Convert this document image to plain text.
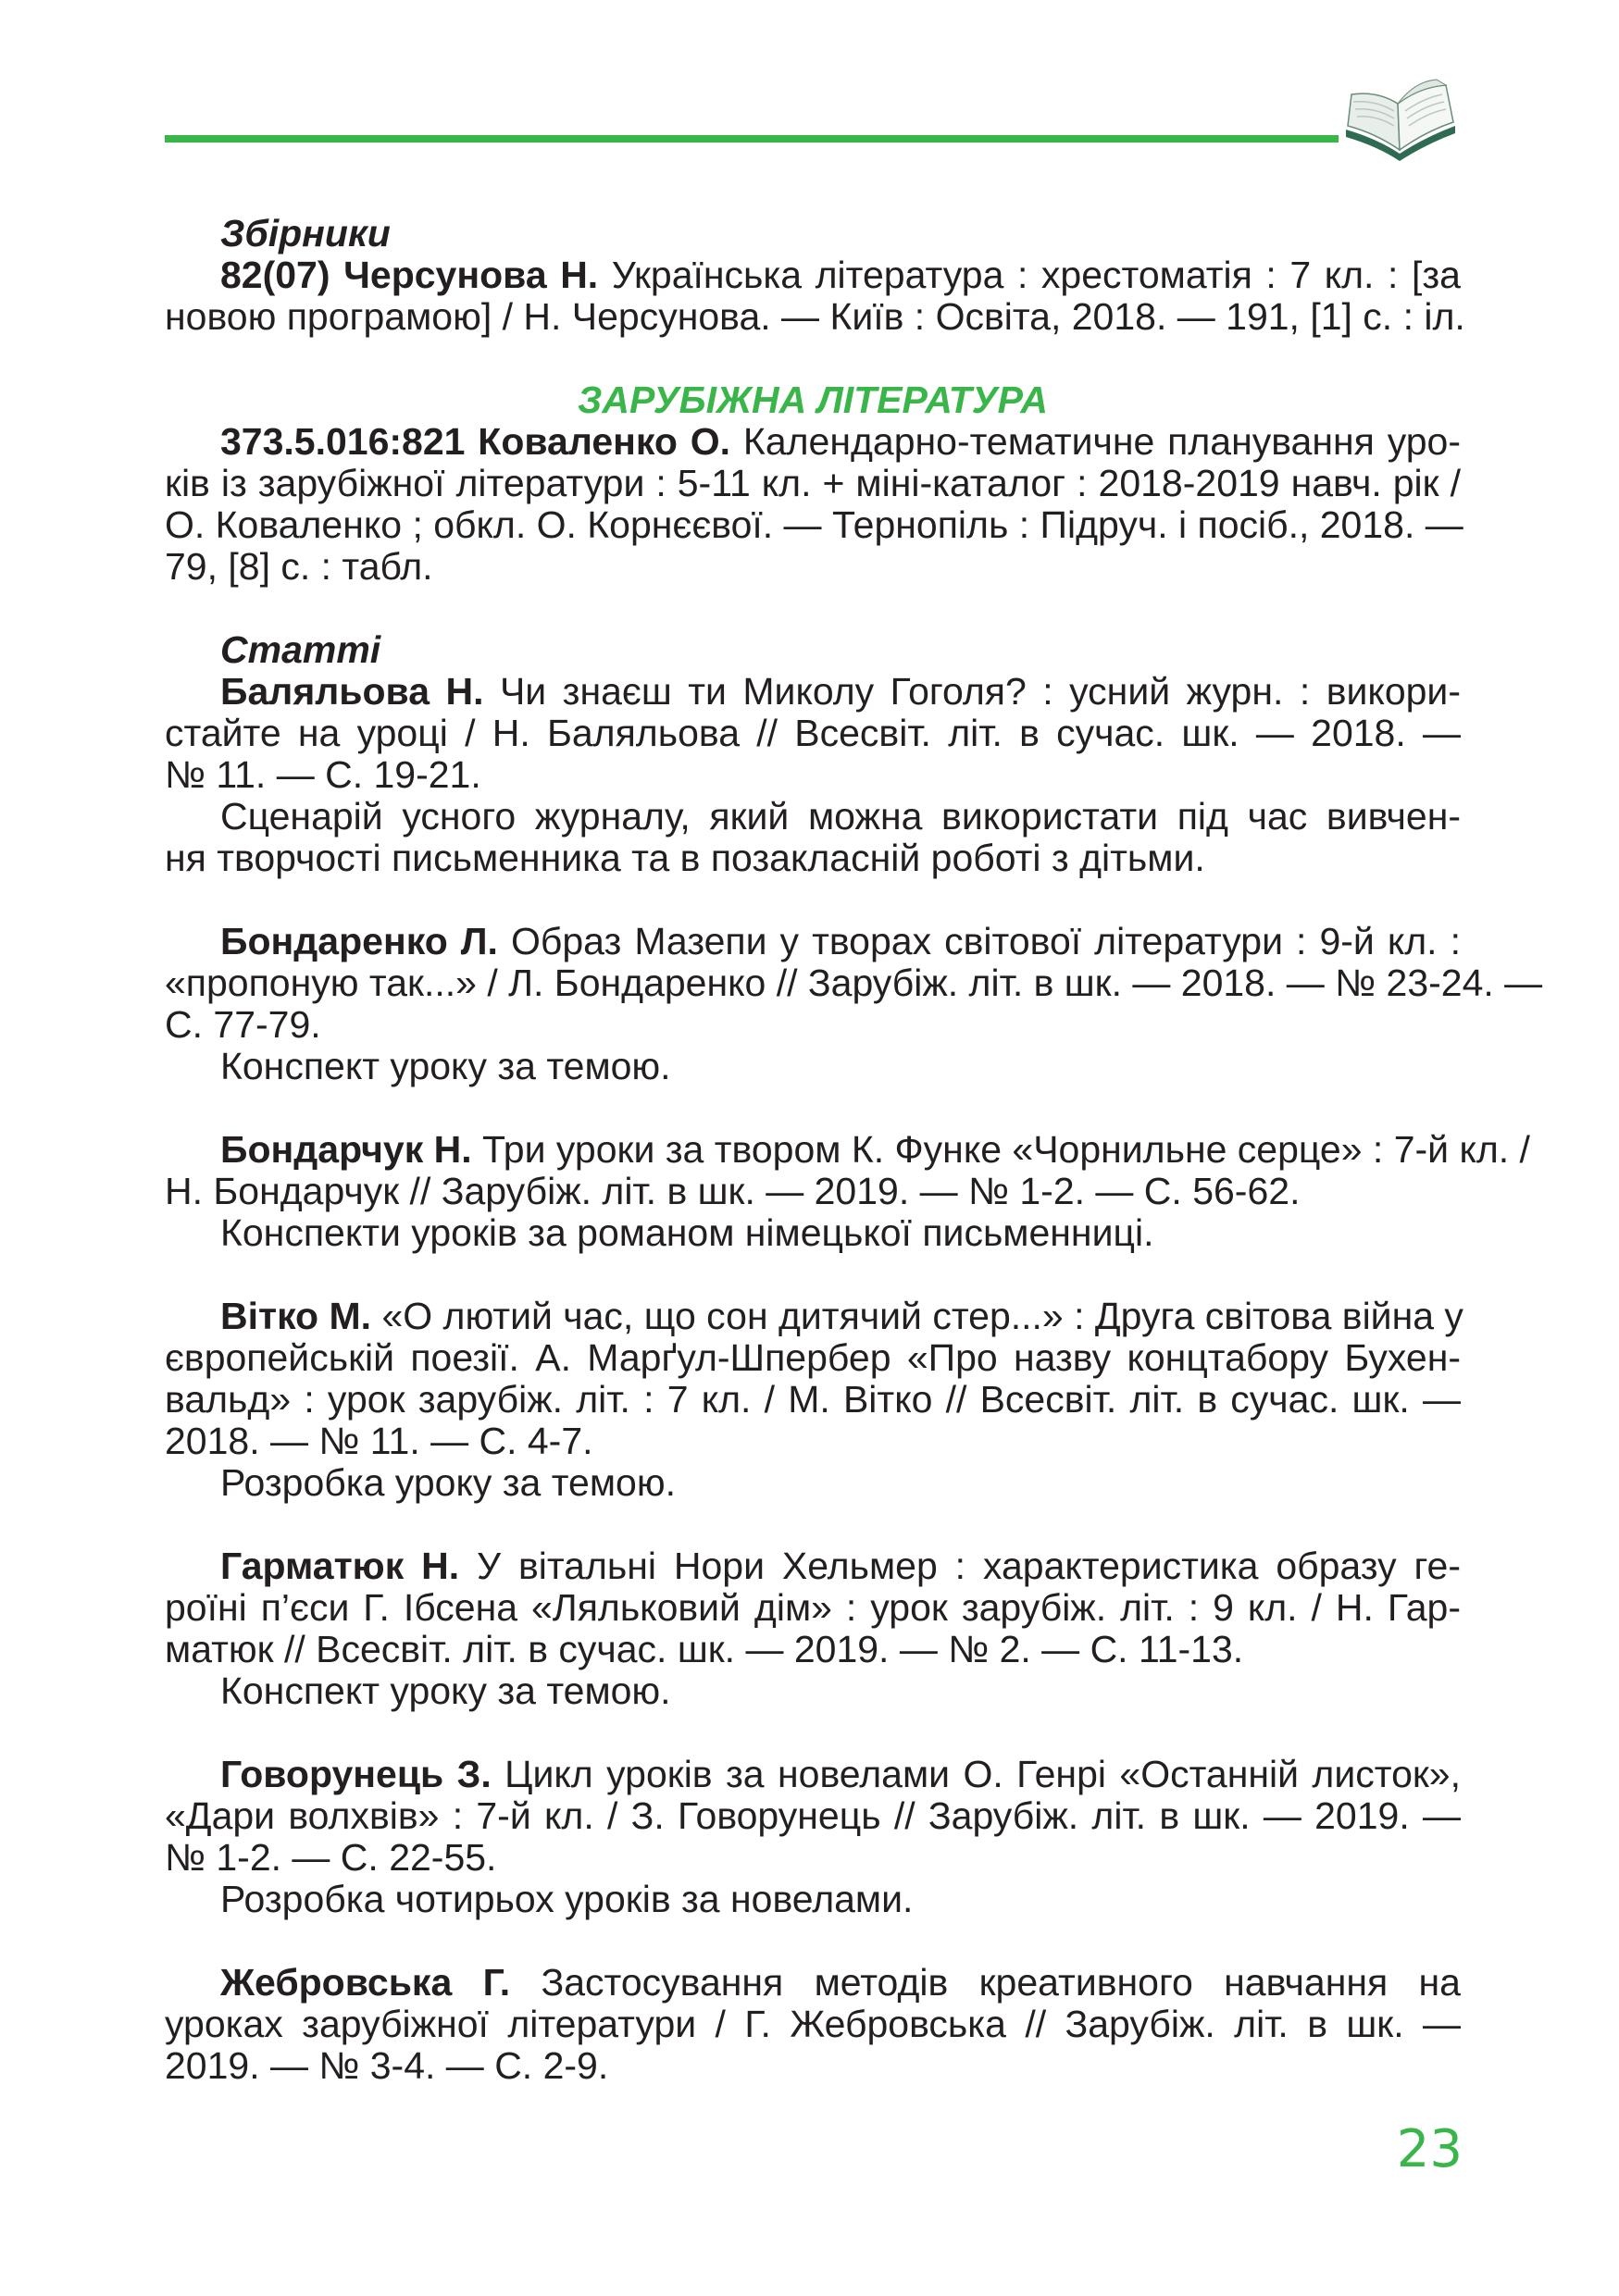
Збірники
82(07) Черсунова Н. Українська література : хрестоматія : 7 кл. : [за
новою програмою] / Н. Черсунова. — Київ : Освіта, 2018. — 191, [1] с. : іл.
ЗАРУБІЖНА ЛІТЕРАТУРА
373.5.016:821 Коваленко О. Календарно-тематичне планування уро-
ків із зарубіжної літератури : 5-11 кл. + міні-каталог : 2018-2019 навч. рік /
О. Коваленко ; обкл. О. Корнєєвої. — Тернопіль : Підруч. і посіб., 2018. —
79, [8] с. : табл.
Статті
Баляльова Н. Чи знаєш ти Миколу Гоголя? : усний журн. : викори-
стайте на уроці / Н. Баляльова // Всесвіт. літ. в сучас. шк. — 2018. —
№ 11. — С. 19-21.
Сценарій усного журналу, який можна використати під час вивчен-
ня творчості письменника та в позакласній роботі з дітьми.
Бондаренко Л. Образ Мазепи у творах світової літератури : 9-й кл. :
«пропоную так...» / Л. Бондаренко // Зарубіж. літ. в шк. — 2018. — № 23-24. —
С. 77-79.
Конспект уроку за темою.
Бондарчук Н. Три уроки за твором К. Функе «Чорнильне серце» : 7-й кл. /
Н. Бондарчук // Зарубіж. літ. в шк. — 2019. — № 1-2. — С. 56-62.
Конспекти уроків за романом німецької письменниці.
Вітко М. «О лютий час, що сон дитячий стер...» : Друга світова війна у
європейській поезії. А. Марґул-Шпербер «Про назву концтабору Бухен-
вальд» : урок зарубіж. літ. : 7 кл. / М. Вітко // Всесвіт. літ. в сучас. шк. —
2018. — № 11. — С. 4-7.
Розробка уроку за темою.
Гарматюк Н. У вітальні Нори Хельмер : характеристика образу ге-
роїні п’єси Г. Ібсена «Ляльковий дім» : урок зарубіж. літ. : 9 кл. / Н. Гар-
матюк // Всесвіт. літ. в сучас. шк. — 2019. — № 2. — С. 11-13.
Конспект уроку за темою.
Говорунець З. Цикл уроків за новелами О. Генрі «Останній листок»,
«Дари волхвів» : 7-й кл. / З. Говорунець // Зарубіж. літ. в шк. — 2019. —
№ 1-2. — С. 22-55.
Розробка чотирьох уроків за новелами.
Жебровська Г. Застосування методів креативного навчання на
уроках зарубіжної літератури / Г. Жебровська // Зарубіж. літ. в шк. —
2019. — № 3-4. — С. 2-9.
23
